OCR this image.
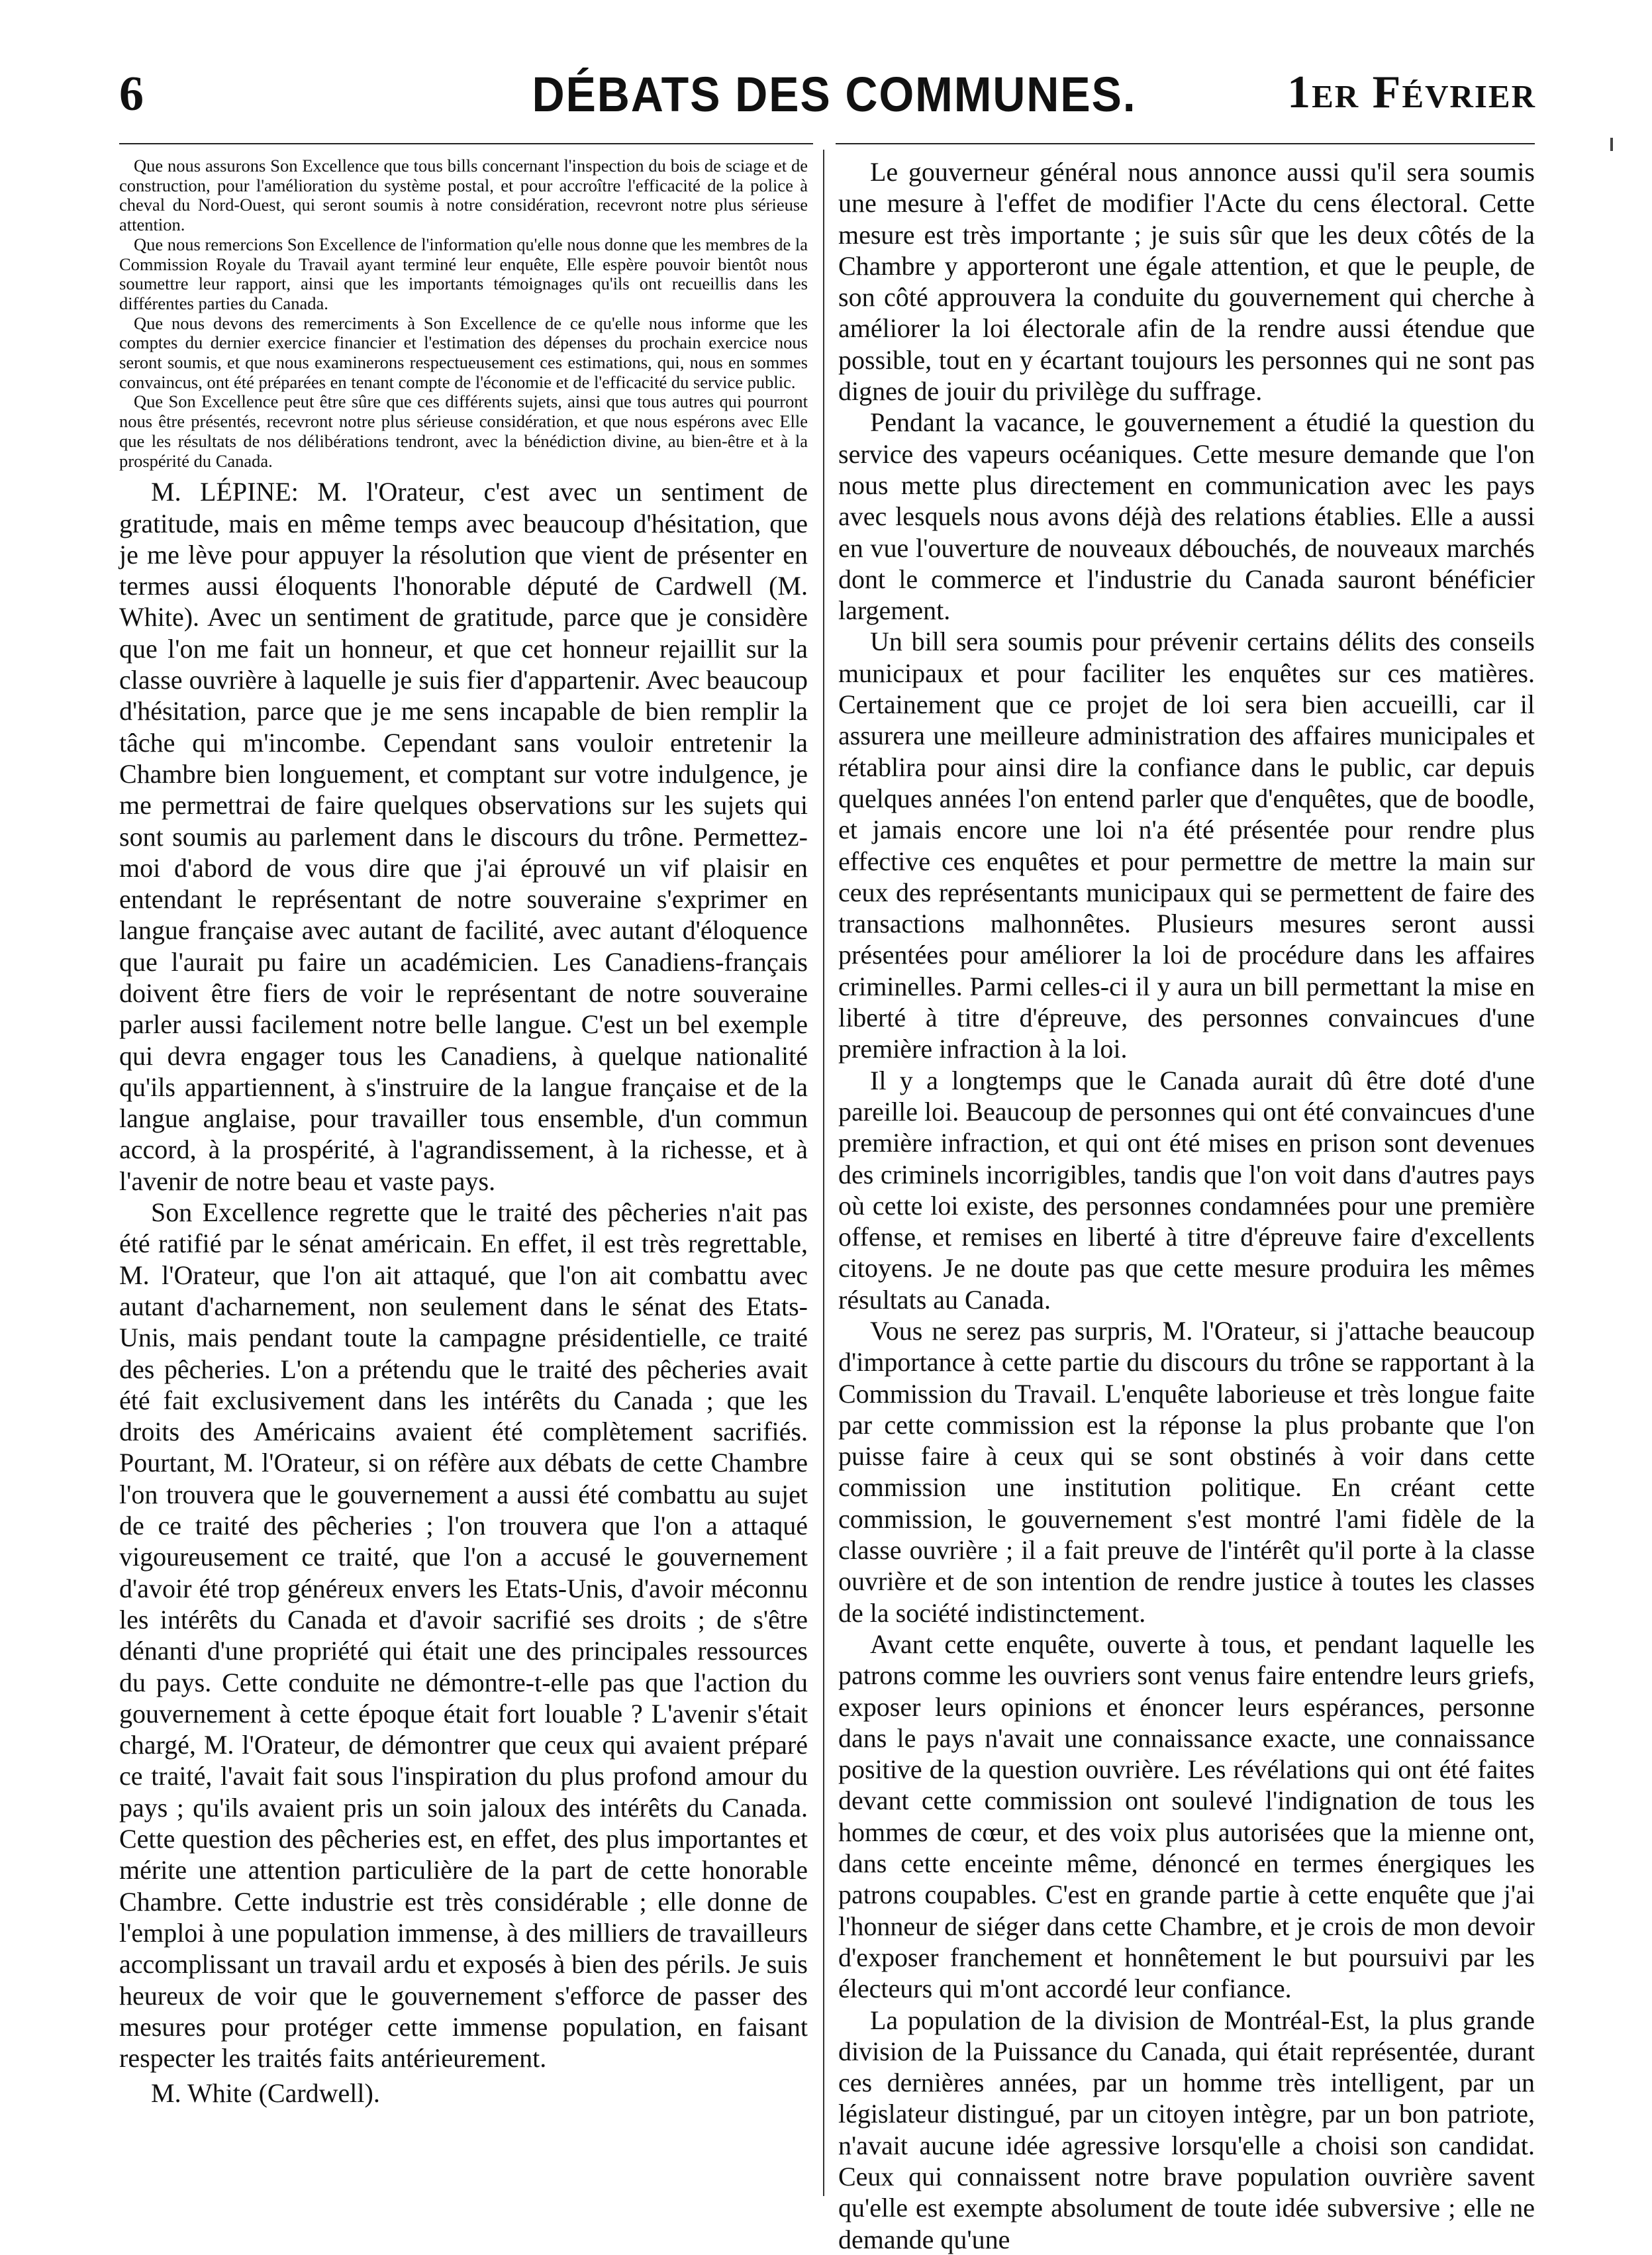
6	DÉBATS DES COMMUNES.	1er Février

Que nous assurons Son Excellence que tous bills concernant l'inspection du bois de sciage et de construction, pour l'amélioration du système postal, et pour accroître l'efficacité de la police à cheval du Nord-Ouest, qui seront soumis à notre considération, recevront notre plus sérieuse attention.

Que nous remercions Son Excellence de l'information qu'elle nous donne que les membres de la Commission Royale du Travail ayant terminé leur enquête, Elle espère pouvoir bientôt nous soumettre leur rapport, ainsi que les importants témoignages qu'ils ont recueillis dans les différentes parties du Canada.

Que nous devons des remerciments à Son Excellence de ce qu'elle nous informe que les comptes du dernier exercice financier et l'estimation des dépenses du prochain exercice nous seront soumis, et que nous examinerons respectueusement ces estimations, qui, nous en sommes convaincus, ont été préparées en tenant compte de l'économie et de l'efficacité du service public.

Que Son Excellence peut être sûre que ces différents sujets, ainsi que tous autres qui pourront nous être présentés, recevront notre plus sérieuse considération, et que nous espérons avec Elle que les résultats de nos délibérations tendront, avec la bénédiction divine, au bien-être et à la prospérité du Canada.

M. LÉPINE: M. l'Orateur, c'est avec un sentiment de gratitude, mais en même temps avec beaucoup d'hésitation, que je me lève pour appuyer la résolution que vient de présenter en termes aussi éloquents l'honorable député de Cardwell (M. White). Avec un sentiment de gratitude, parce que je considère que l'on me fait un honneur, et que cet honneur rejaillit sur la classe ouvrière à laquelle je suis fier d'appartenir. Avec beaucoup d'hésitation, parce que je me sens incapable de bien remplir la tâche qui m'incombe. Cependant sans vouloir entretenir la Chambre bien longuement, et comptant sur votre indulgence, je me permettrai de faire quelques observations sur les sujets qui sont soumis au parlement dans le discours du trône. Permettez-moi d'abord de vous dire que j'ai éprouvé un vif plaisir en entendant le représentant de notre souveraine s'exprimer en langue française avec autant de facilité, avec autant d'éloquence que l'aurait pu faire un académicien. Les Canadiens-français doivent être fiers de voir le représentant de notre souveraine parler aussi facilement notre belle langue. C'est un bel exemple qui devra engager tous les Canadiens, à quelque nationalité qu'ils appartiennent, à s'instruire de la langue française et de la langue anglaise, pour travailler tous ensemble, d'un commun accord, à la prospérité, à l'agrandissement, à la richesse, et à l'avenir de notre beau et vaste pays.

Son Excellence regrette que le traité des pêcheries n'ait pas été ratifié par le sénat américain. En effet, il est très regrettable, M. l'Orateur, que l'on ait attaqué, que l'on ait combattu avec autant d'acharnement, non seulement dans le sénat des Etats-Unis, mais pendant toute la campagne présidentielle, ce traité des pêcheries. L'on a prétendu que le traité des pêcheries avait été fait exclusivement dans les intérêts du Canada ; que les droits des Américains avaient été complètement sacrifiés. Pourtant, M. l'Orateur, si on réfère aux débats de cette Chambre l'on trouvera que le gouvernement a aussi été combattu au sujet de ce traité des pêcheries ; l'on trouvera que l'on a attaqué vigoureusement ce traité, que l'on a accusé le gouvernement d'avoir été trop généreux envers les Etats-Unis, d'avoir méconnu les intérêts du Canada et d'avoir sacrifié ses droits ; de s'être dénanti d'une propriété qui était une des principales ressources du pays. Cette conduite ne démontre-t-elle pas que l'action du gouvernement à cette époque était fort louable ? L'avenir s'était chargé, M. l'Orateur, de démontrer que ceux qui avaient préparé ce traité, l'avait fait sous l'inspiration du plus profond amour du pays ; qu'ils avaient pris un soin jaloux des intérêts du Canada. Cette question des pêcheries est, en effet, des plus importantes et mérite une attention particulière de la part de cette honorable Chambre. Cette industrie est très considérable ; elle donne de l'emploi à une population immense, à des milliers de travailleurs accomplissant un travail ardu et exposés à bien des périls. Je suis heureux de voir que le gouvernement s'efforce de passer des mesures pour protéger cette immense population, en faisant respecter les traités faits antérieurement.

M. White (Cardwell).

Le gouverneur général nous annonce aussi qu'il sera soumis une mesure à l'effet de modifier l'Acte du cens électoral. Cette mesure est très importante ; je suis sûr que les deux côtés de la Chambre y apporteront une égale attention, et que le peuple, de son côté approuvera la conduite du gouvernement qui cherche à améliorer la loi électorale afin de la rendre aussi étendue que possible, tout en y écartant toujours les personnes qui ne sont pas dignes de jouir du privilège du suffrage.

Pendant la vacance, le gouvernement a étudié la question du service des vapeurs océaniques. Cette mesure demande que l'on nous mette plus directement en communication avec les pays avec lesquels nous avons déjà des relations établies. Elle a aussi en vue l'ouverture de nouveaux débouchés, de nouveaux marchés dont le commerce et l'industrie du Canada sauront bénéficier largement.

Un bill sera soumis pour prévenir certains délits des conseils municipaux et pour faciliter les enquêtes sur ces matières. Certainement que ce projet de loi sera bien accueilli, car il assurera une meilleure administration des affaires municipales et rétablira pour ainsi dire la confiance dans le public, car depuis quelques années l'on entend parler que d'enquêtes, que de boodle, et jamais encore une loi n'a été présentée pour rendre plus effective ces enquêtes et pour permettre de mettre la main sur ceux des représentants municipaux qui se permettent de faire des transactions malhonnêtes. Plusieurs mesures seront aussi présentées pour améliorer la loi de procédure dans les affaires criminelles. Parmi celles-ci il y aura un bill permettant la mise en liberté à titre d'épreuve, des personnes convaincues d'une première infraction à la loi.

Il y a longtemps que le Canada aurait dû être doté d'une pareille loi. Beaucoup de personnes qui ont été convaincues d'une première infraction, et qui ont été mises en prison sont devenues des criminels incorrigibles, tandis que l'on voit dans d'autres pays où cette loi existe, des personnes condamnées pour une première offense, et remises en liberté à titre d'épreuve faire d'excellents citoyens. Je ne doute pas que cette mesure produira les mêmes résultats au Canada.

Vous ne serez pas surpris, M. l'Orateur, si j'attache beaucoup d'importance à cette partie du discours du trône se rapportant à la Commission du Travail. L'enquête laborieuse et très longue faite par cette commission est la réponse la plus probante que l'on puisse faire à ceux qui se sont obstinés à voir dans cette commission une institution politique. En créant cette commission, le gouvernement s'est montré l'ami fidèle de la classe ouvrière ; il a fait preuve de l'intérêt qu'il porte à la classe ouvrière et de son intention de rendre justice à toutes les classes de la société indistinctement.

Avant cette enquête, ouverte à tous, et pendant laquelle les patrons comme les ouvriers sont venus faire entendre leurs griefs, exposer leurs opinions et énoncer leurs espérances, personne dans le pays n'avait une connaissance exacte, une connaissance positive de la question ouvrière. Les révélations qui ont été faites devant cette commission ont soulevé l'indignation de tous les hommes de cœur, et des voix plus autorisées que la mienne ont, dans cette enceinte même, dénoncé en termes énergiques les patrons coupables. C'est en grande partie à cette enquête que j'ai l'honneur de siéger dans cette Chambre, et je crois de mon devoir d'exposer franchement et honnêtement le but poursuivi par les électeurs qui m'ont accordé leur confiance.

La population de la division de Montréal-Est, la plus grande division de la Puissance du Canada, qui était représentée, durant ces dernières années, par un homme très intelligent, par un législateur distingué, par un citoyen intègre, par un bon patriote, n'avait aucune idée agressive lorsqu'elle a choisi son candidat. Ceux qui connaissent notre brave population ouvrière savent qu'elle est exempte absolument de toute idée subversive ; elle ne demande qu'une
